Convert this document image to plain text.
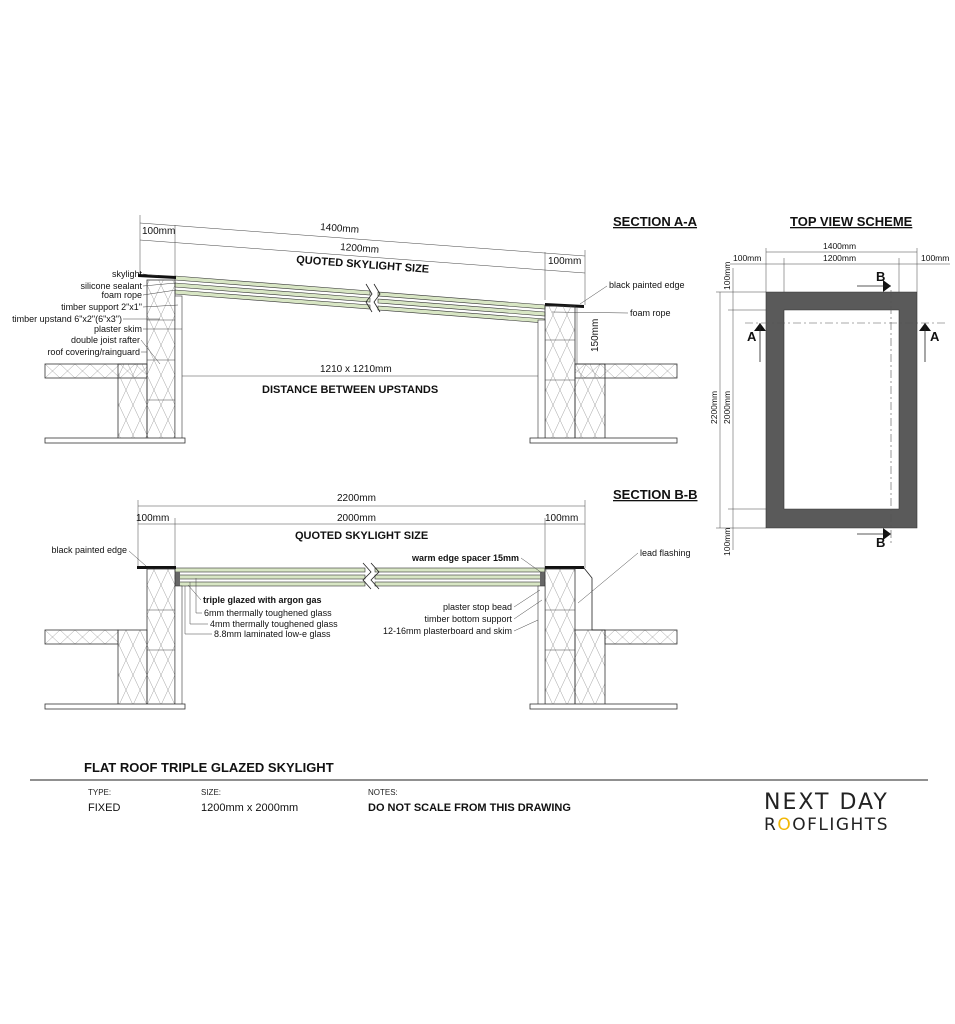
SECTION A-A
1400mm
100mm
1200mm
100mm
QUOTED SKYLIGHT SIZE
1210 x 1210mm
DISTANCE BETWEEN UPSTANDS
150mm
skylight
silicone sealant
foam rope
timber support 2"x1"
timber upstand 6"x2"(6"x3")
plaster skim
double joist rafter
roof covering/rainguard
black painted edge
foam rope
SECTION B-B
2200mm
100mm	2000mm	100mm
QUOTED SKYLIGHT SIZE
black painted edge
warm edge spacer 15mm	lead flashing
triple glazed with argon gas
6mm thermally toughened glass
4mm thermally toughened glass
8.8mm laminated low-e glass
plaster stop bead
timber bottom support
12-16mm plasterboard and skim
TOP VIEW SCHEME
1400mm
1200mm
100mm	100mm
2200mm 2000mm
100mm
100mm
A	A
B
B
FLAT ROOF TRIPLE GLAZED SKYLIGHT
TYPE:
FIXED
SIZE:
1200mm x 2000mm
NOTES:
DO NOT SCALE FROM THIS DRAWING	NEXT DAY
ROOFLIGHTS
